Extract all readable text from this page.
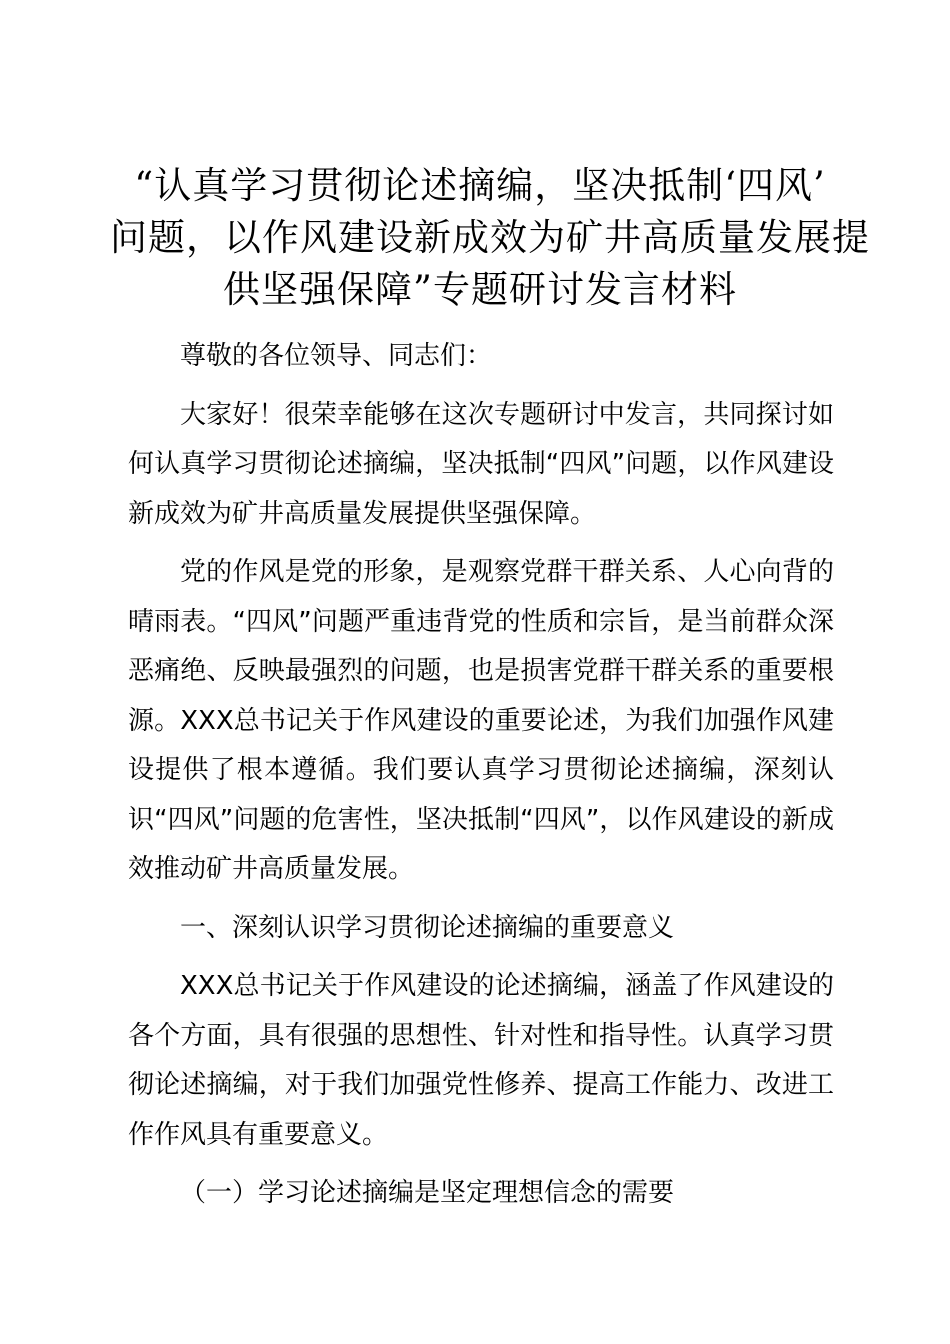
“认真学习贯彻论述摘编，坚决抵制‘四风’
问题，以作风建设新成效为矿井高质量发展提
供坚强保障”专题研讨发言材料

尊敬的各位领导、同志们：

大家好！很荣幸能够在这次专题研讨中发言，共同探讨如何认真学习贯彻论述摘编，坚决抵制“四风”问题，以作风建设新成效为矿井高质量发展提供坚强保障。

党的作风是党的形象，是观察党群干群关系、人心向背的晴雨表。“四风”问题严重违背党的性质和宗旨，是当前群众深恶痛绝、反映最强烈的问题，也是损害党群干群关系的重要根源。XXX总书记关于作风建设的重要论述，为我们加强作风建设提供了根本遵循。我们要认真学习贯彻论述摘编，深刻认识“四风”问题的危害性，坚决抵制“四风”，以作风建设的新成效推动矿井高质量发展。

一、深刻认识学习贯彻论述摘编的重要意义

XXX总书记关于作风建设的论述摘编，涵盖了作风建设的各个方面，具有很强的思想性、针对性和指导性。认真学习贯彻论述摘编，对于我们加强党性修养、提高工作能力、改进工作作风具有重要意义。

（一）学习论述摘编是坚定理想信念的需要
